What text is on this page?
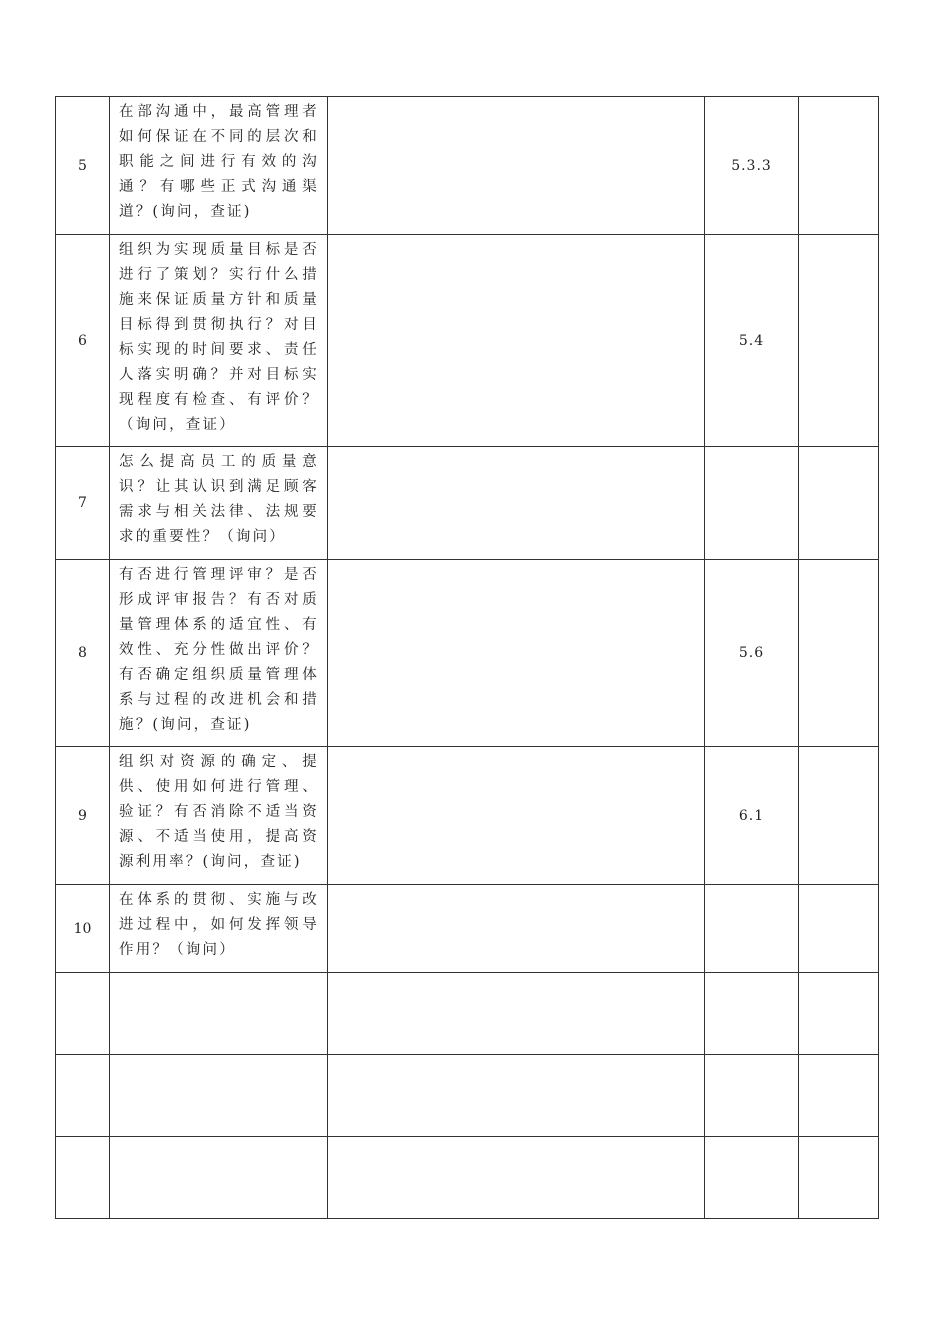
5	在部沟通中，最高管理者如何保证在不同的层次和职能之间进行有效的沟通？有哪些正式沟通渠道？(询问，查证)		5.3.3	
6	组织为实现质量目标是否进行了策划？实行什么措施来保证质量方针和质量目标得到贯彻执行？对目标实现的时间要求、责任人落实明确？并对目标实现程度有检查、有评价？（询问，查证）		5.4	
7	怎么提高员工的质量意识？让其认识到满足顾客需求与相关法律、法规要求的重要性？（询问）			
8	有否进行管理评审？是否形成评审报告？有否对质量管理体系的适宜性、有效性、充分性做出评价？有否确定组织质量管理体系与过程的改进机会和措施？(询问，查证)		5.6	
9	组织对资源的确定、提供、使用如何进行管理、验证？有否消除不适当资源、不适当使用，提高资源利用率？(询问，查证)		6.1	
10	在体系的贯彻、实施与改进过程中，如何发挥领导作用？（询问）			
